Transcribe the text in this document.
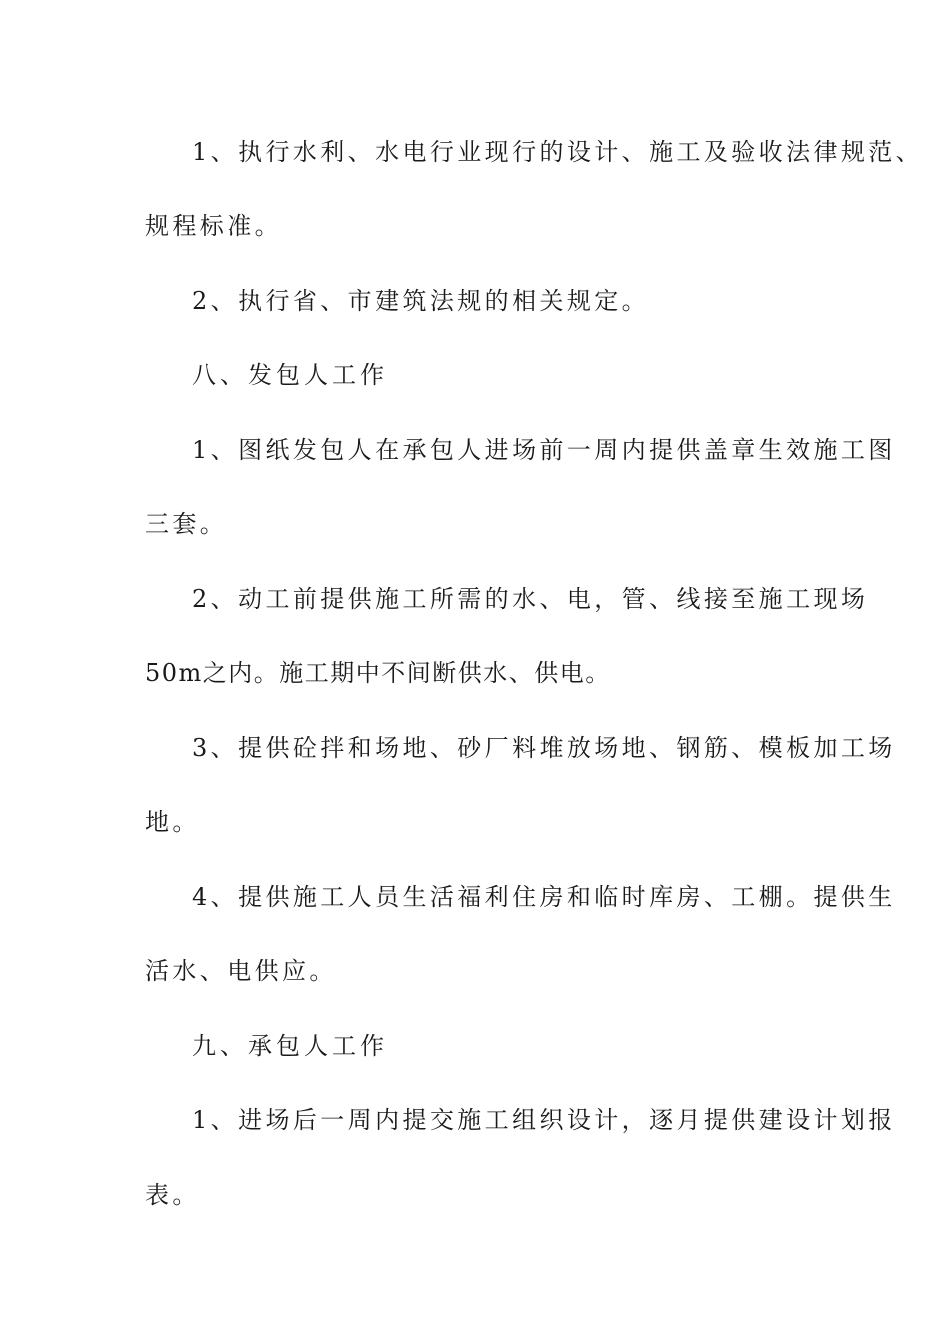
1、执行水利、水电行业现行的设计、施工及验收法律规范、
规程标准。
2、执行省、市建筑法规的相关规定。
八、发包人工作
1、图纸发包人在承包人进场前一周内提供盖章生效施工图
三套。
2、动工前提供施工所需的水、电，管、线接至施工现场
50m之内。施工期中不间断供水、供电。
3、提供砼拌和场地、砂厂料堆放场地、钢筋、模板加工场
地。
4、提供施工人员生活福利住房和临时库房、工棚。提供生
活水、电供应。
九、承包人工作
1、进场后一周内提交施工组织设计，逐月提供建设计划报
表。
